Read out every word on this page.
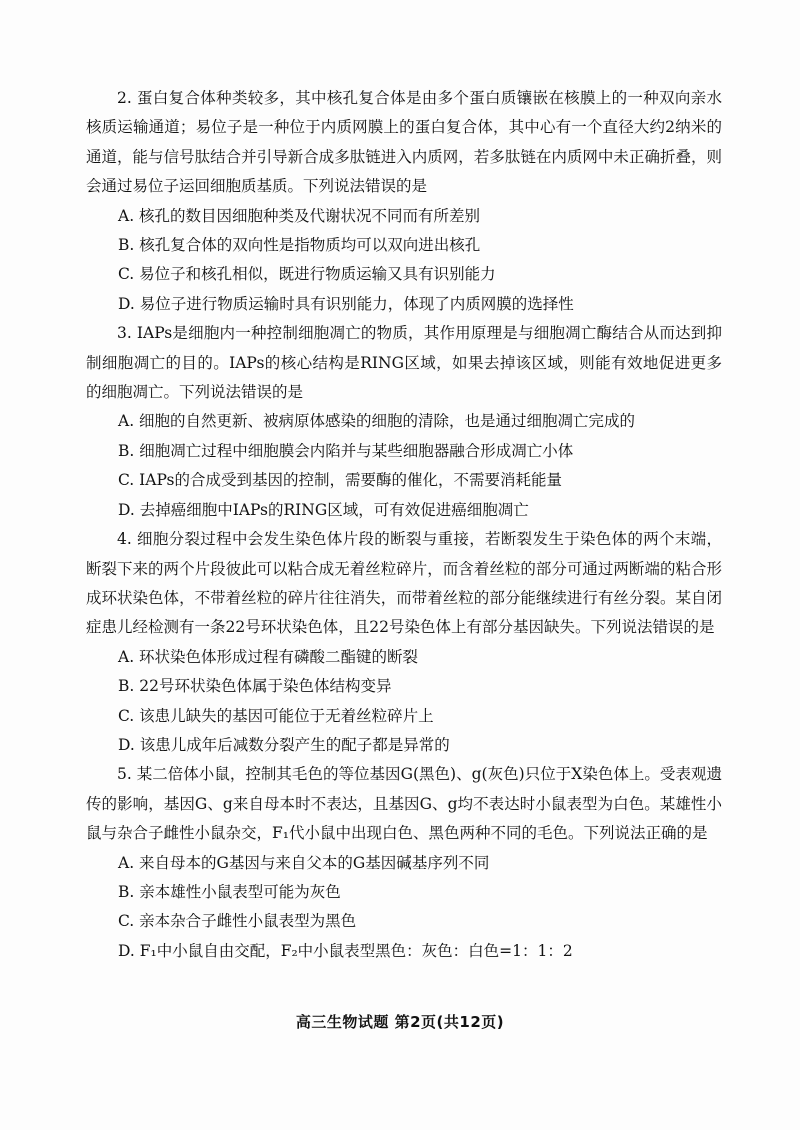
2. 蛋白复合体种类较多，其中核孔复合体是由多个蛋白质镶嵌在核膜上的一种双向亲水核质运输通道；易位子是一种位于内质网膜上的蛋白复合体，其中心有一个直径大约2纳米的通道，能与信号肽结合并引导新合成多肽链进入内质网，若多肽链在内质网中未正确折叠，则会通过易位子运回细胞质基质。下列说法错误的是

A. 核孔的数目因细胞种类及代谢状况不同而有所差别

B. 核孔复合体的双向性是指物质均可以双向进出核孔

C. 易位子和核孔相似，既进行物质运输又具有识别能力

D. 易位子进行物质运输时具有识别能力，体现了内质网膜的选择性

3. IAPs是细胞内一种控制细胞凋亡的物质，其作用原理是与细胞凋亡酶结合从而达到抑制细胞凋亡的目的。IAPs的核心结构是RING区域，如果去掉该区域，则能有效地促进更多的细胞凋亡。下列说法错误的是

A. 细胞的自然更新、被病原体感染的细胞的清除，也是通过细胞凋亡完成的

B. 细胞凋亡过程中细胞膜会内陷并与某些细胞器融合形成凋亡小体

C. IAPs的合成受到基因的控制，需要酶的催化，不需要消耗能量

D. 去掉癌细胞中IAPs的RING区域，可有效促进癌细胞凋亡

4. 细胞分裂过程中会发生染色体片段的断裂与重接，若断裂发生于染色体的两个末端，断裂下来的两个片段彼此可以粘合成无着丝粒碎片，而含着丝粒的部分可通过两断端的粘合形成环状染色体，不带着丝粒的碎片往往消失，而带着丝粒的部分能继续进行有丝分裂。某自闭症患儿经检测有一条22号环状染色体，且22号染色体上有部分基因缺失。下列说法错误的是

A. 环状染色体形成过程有磷酸二酯键的断裂

B. 22号环状染色体属于染色体结构变异

C. 该患儿缺失的基因可能位于无着丝粒碎片上

D. 该患儿成年后减数分裂产生的配子都是异常的

5. 某二倍体小鼠，控制其毛色的等位基因G(黑色)、g(灰色)只位于X染色体上。受表观遗传的影响，基因G、g来自母本时不表达，且基因G、g均不表达时小鼠表型为白色。某雄性小鼠与杂合子雌性小鼠杂交，F₁代小鼠中出现白色、黑色两种不同的毛色。下列说法正确的是

A. 来自母本的G基因与来自父本的G基因碱基序列不同

B. 亲本雄性小鼠表型可能为灰色

C. 亲本杂合子雌性小鼠表型为黑色

D. F₁中小鼠自由交配，F₂中小鼠表型黑色：灰色：白色=1：1：2

高三生物试题 第2页(共12页)
